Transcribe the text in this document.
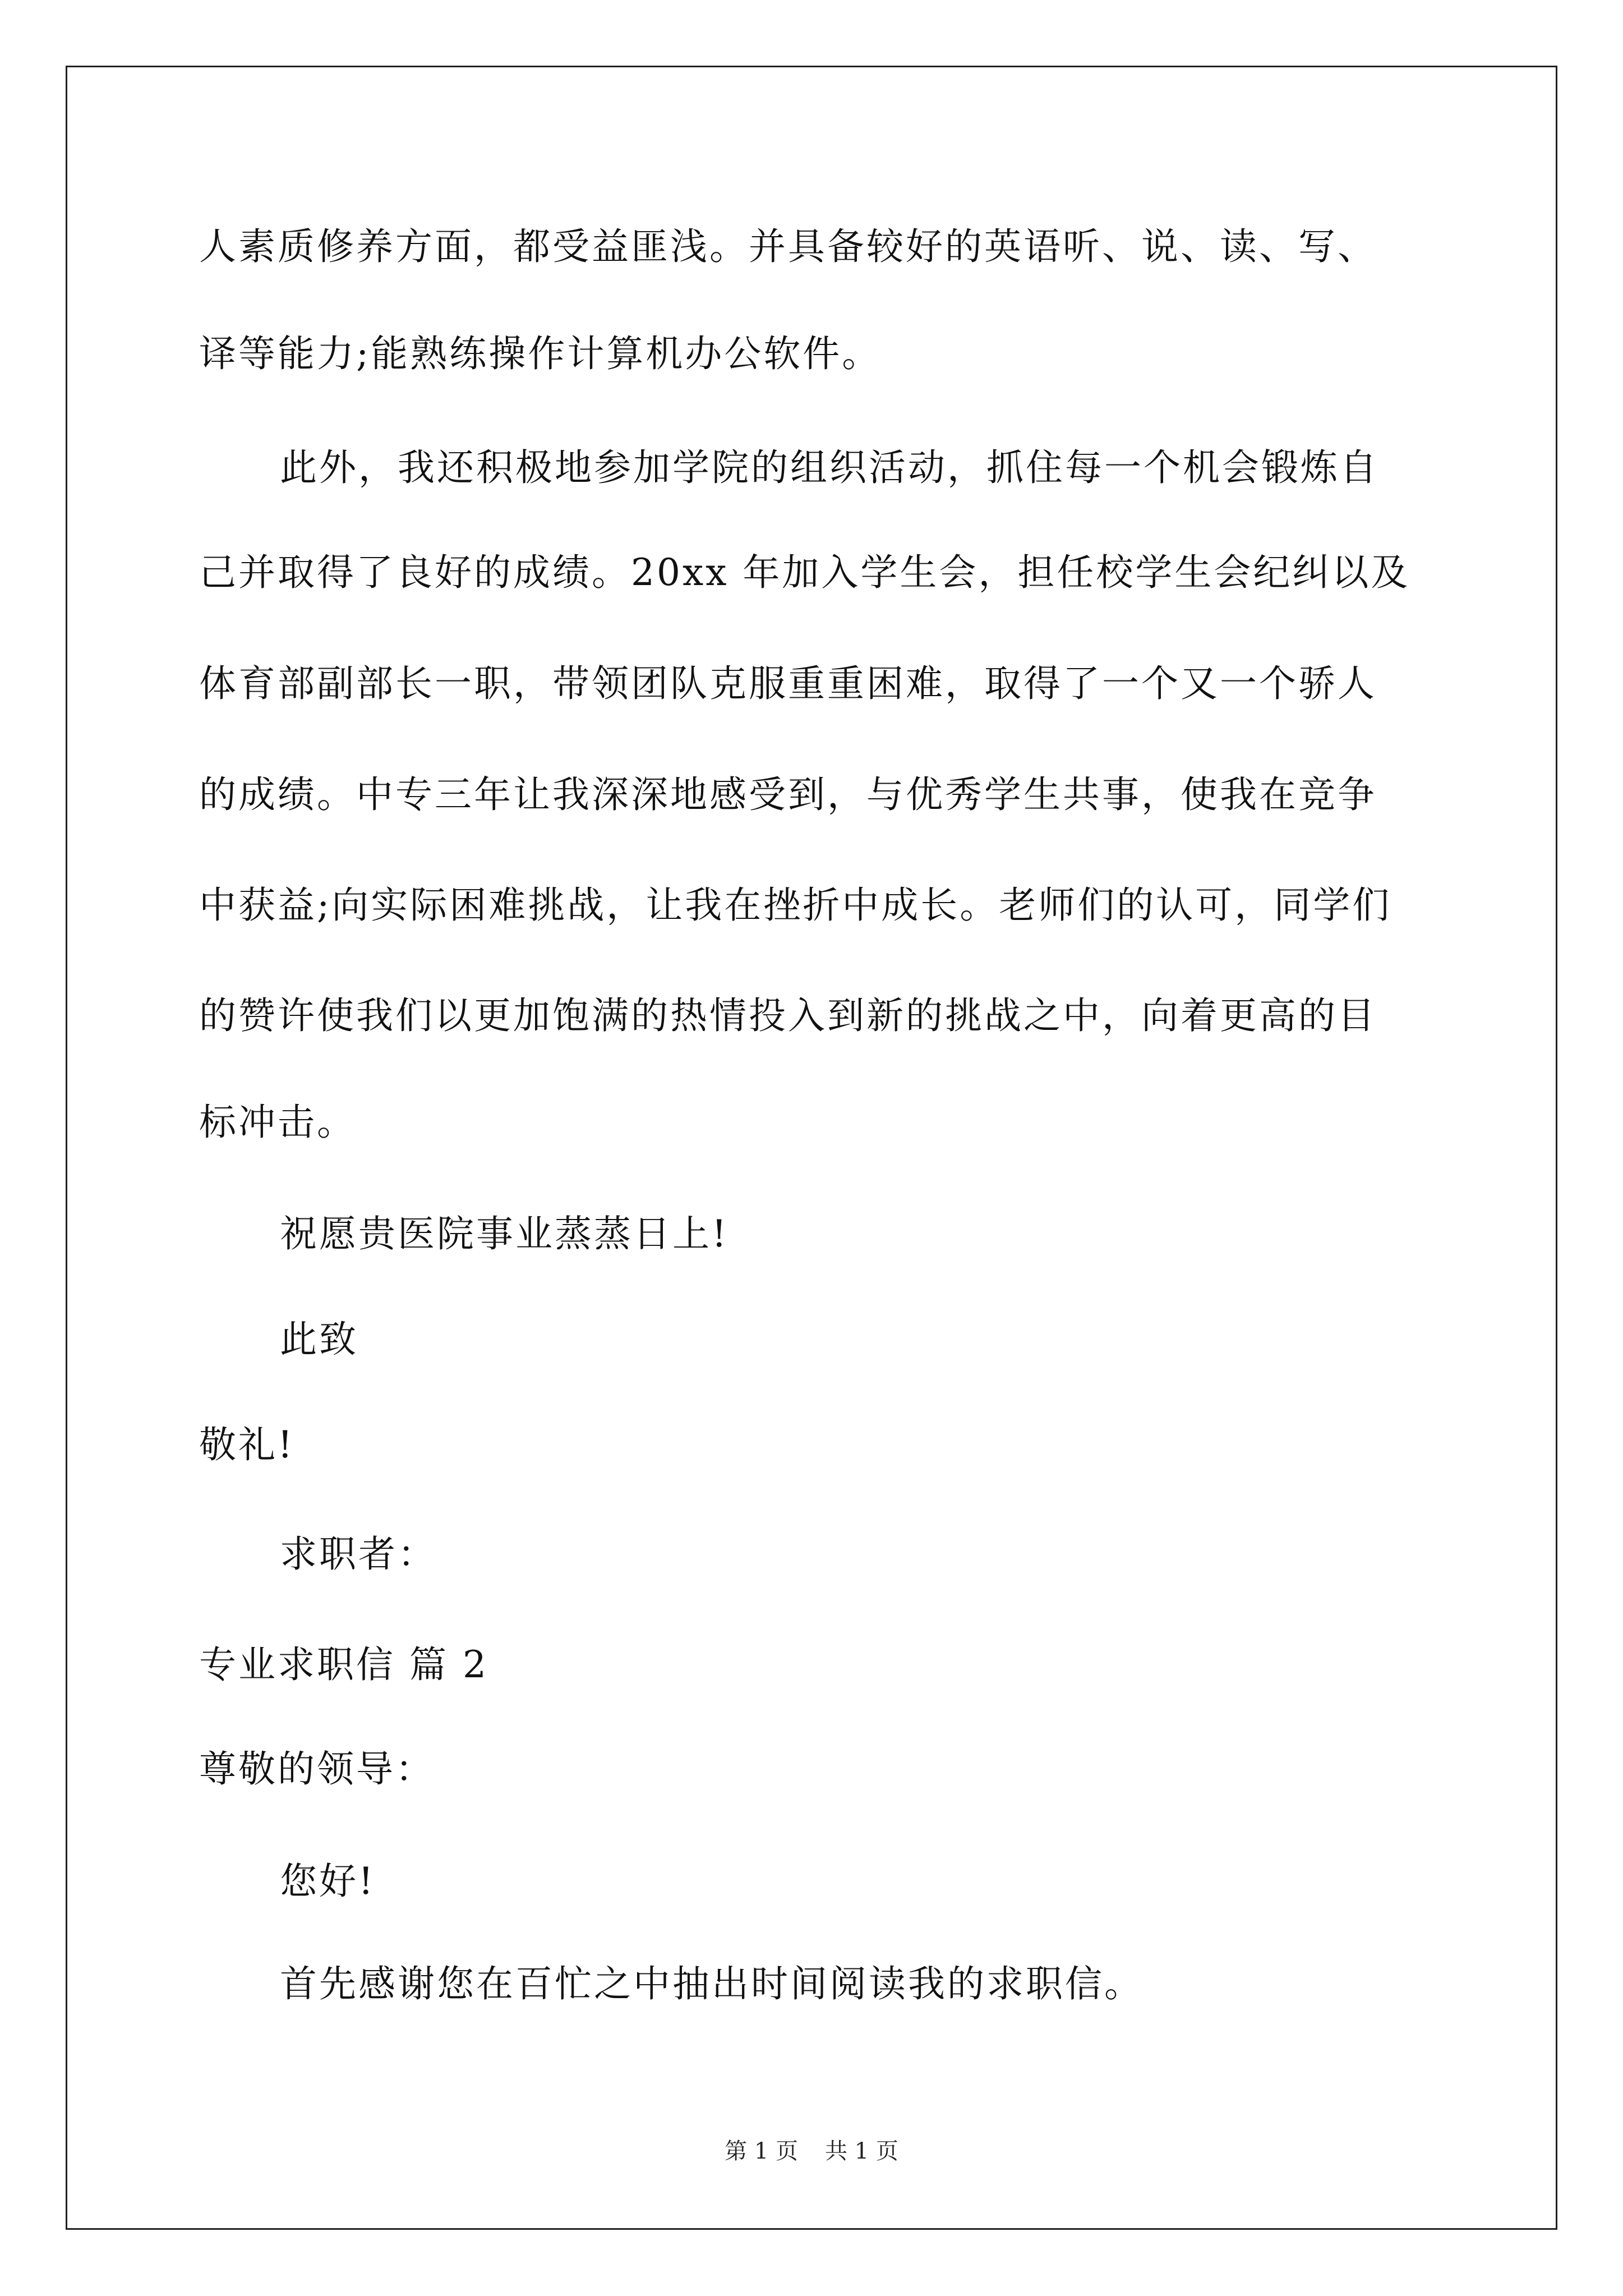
人素质修养方面，都受益匪浅。并具备较好的英语听、说、读、写、
译等能力;能熟练操作计算机办公软件。
此外，我还积极地参加学院的组织活动，抓住每一个机会锻炼自
己并取得了良好的成绩。20xx 年加入学生会，担任校学生会纪纠以及
体育部副部长一职，带领团队克服重重困难，取得了一个又一个骄人
的成绩。中专三年让我深深地感受到，与优秀学生共事，使我在竞争
中获益;向实际困难挑战，让我在挫折中成长。老师们的认可，同学们
的赞许使我们以更加饱满的热情投入到新的挑战之中，向着更高的目
标冲击。
祝愿贵医院事业蒸蒸日上!
此致
敬礼!
求职者：
专业求职信 篇 2
尊敬的领导：
您好!
首先感谢您在百忙之中抽出时间阅读我的求职信。
第 1 页 共 1 页
